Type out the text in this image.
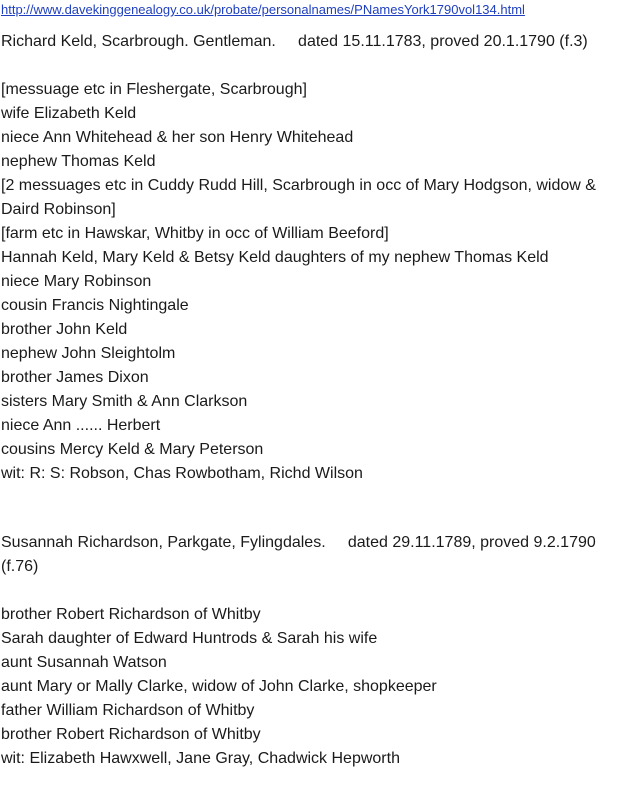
http://www.davekinggenealogy.co.uk/probate/personalnames/PNamesYork1790vol134.html
Richard Keld, Scarbrough. Gentleman.     dated 15.11.1783, proved 20.1.1790 (f.3)
[messuage etc in Fleshergate, Scarbrough]
wife Elizabeth Keld
niece Ann Whitehead & her son Henry Whitehead
nephew Thomas Keld
[2 messuages etc in Cuddy Rudd Hill, Scarbrough in occ of Mary Hodgson, widow & Daird Robinson]
[farm etc in Hawskar, Whitby in occ of William Beeford]
Hannah Keld, Mary Keld & Betsy Keld daughters of my nephew Thomas Keld
niece Mary Robinson
cousin Francis Nightingale
brother John Keld
nephew John Sleightolm
brother James Dixon
sisters Mary Smith & Ann Clarkson
niece Ann ...... Herbert
cousins Mercy Keld & Mary Peterson
wit: R: S: Robson, Chas Rowbotham, Richd Wilson
Susannah Richardson, Parkgate, Fylingdales.     dated 29.11.1789, proved 9.2.1790 (f.76)
brother Robert Richardson of Whitby
Sarah daughter of Edward Huntrods & Sarah his wife
aunt Susannah Watson
aunt Mary or Mally Clarke, widow of John Clarke, shopkeeper
father William Richardson of Whitby
brother Robert Richardson of Whitby
wit: Elizabeth Hawxwell, Jane Gray, Chadwick Hepworth
